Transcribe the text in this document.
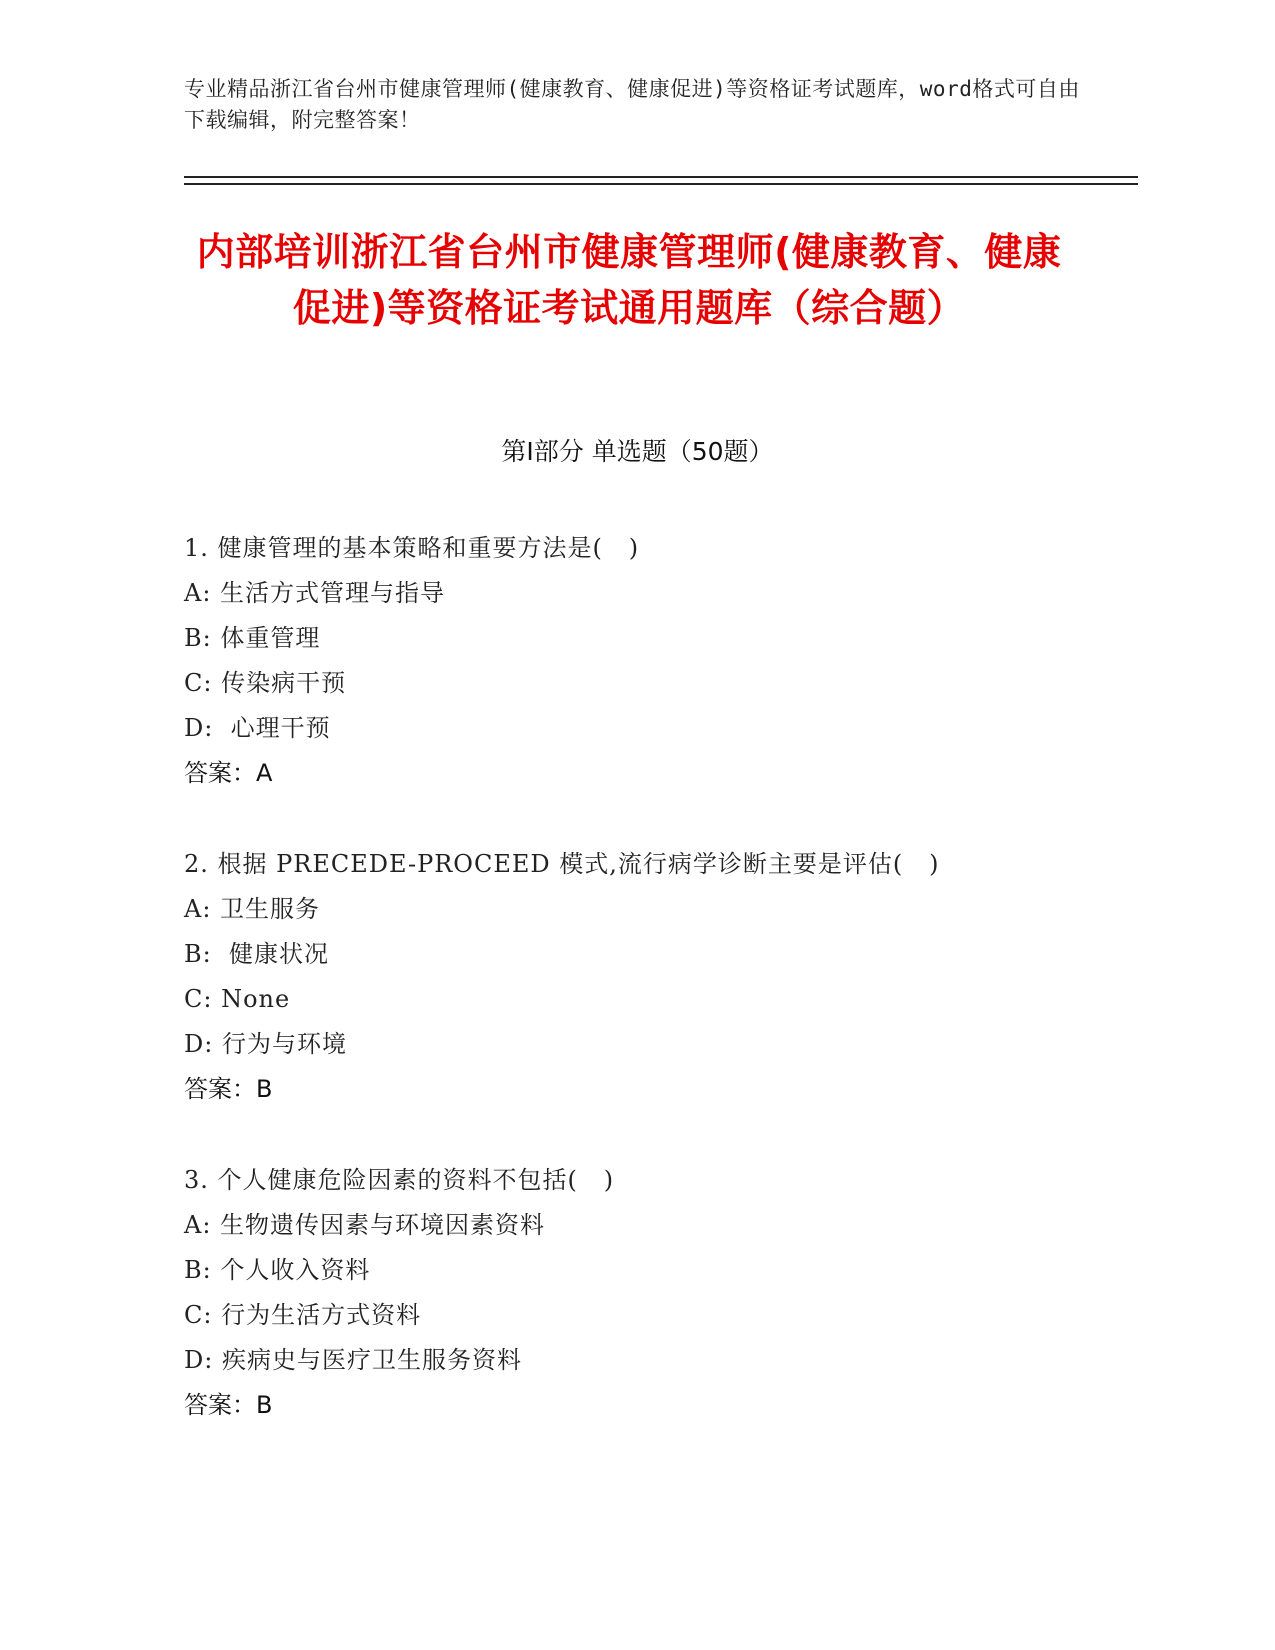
专业精品浙江省台州市健康管理师(健康教育、健康促进)等资格证考试题库，word格式可自由下载编辑，附完整答案！
内部培训浙江省台州市健康管理师(健康教育、健康促进)等资格证考试通用题库（综合题）
第Ⅰ部分 单选题（50题）
1. 健康管理的基本策略和重要方法是(   )
A: 生活方式管理与指导
B: 体重管理
C: 传染病干预
D:  心理干预
答案：A
2. 根据 PRECEDE-PROCEED 模式,流行病学诊断主要是评估(   )
A: 卫生服务
B:  健康状况
C: None
D: 行为与环境
答案：B
3. 个人健康危险因素的资料不包括(   )
A: 生物遗传因素与环境因素资料
B: 个人收入资料
C: 行为生活方式资料
D: 疾病史与医疗卫生服务资料
答案：B
